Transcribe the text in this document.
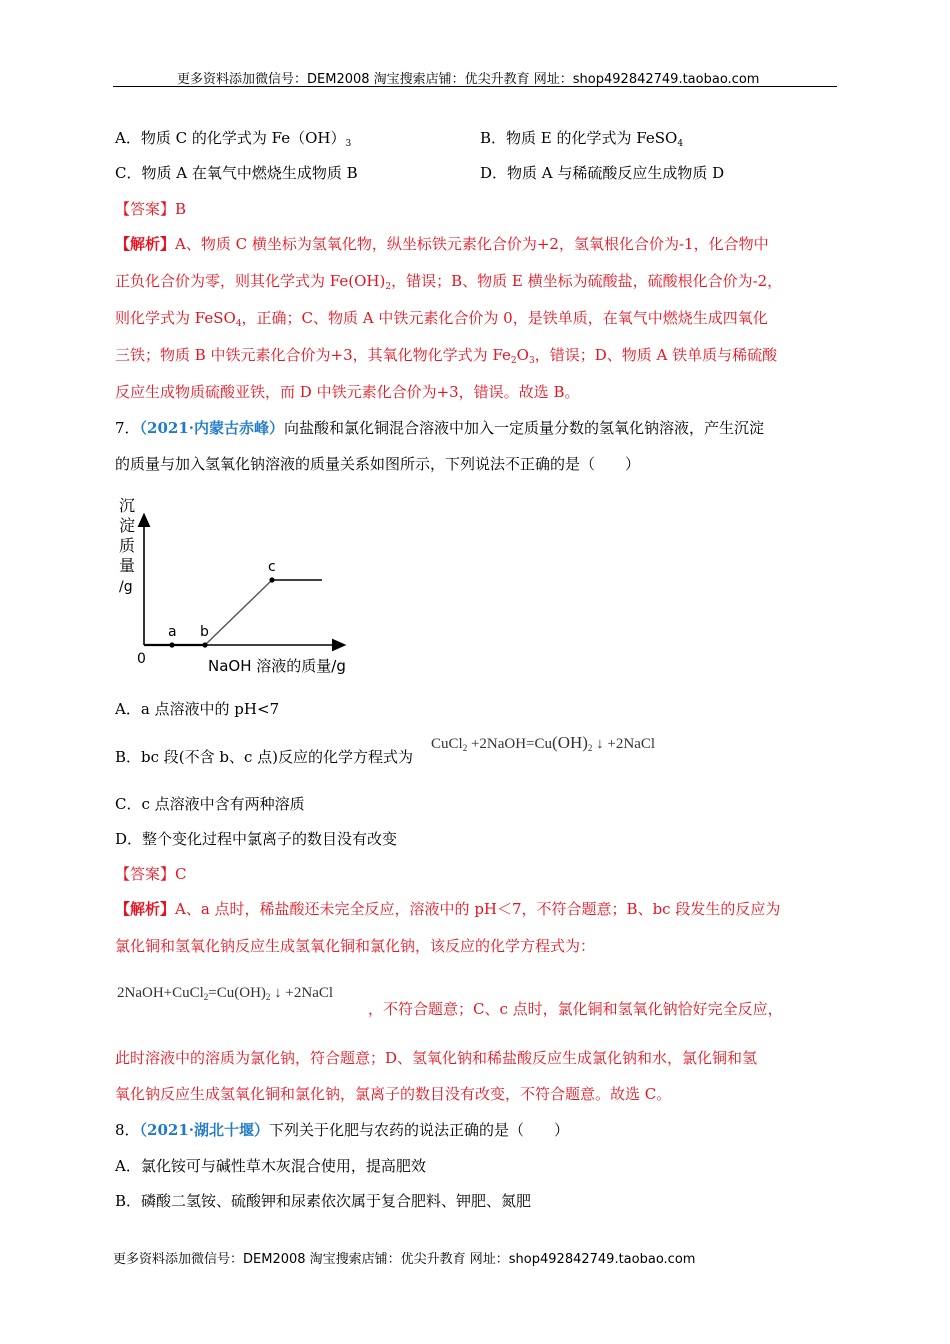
更多资料添加微信号：DEM2008 淘宝搜索店铺：优尖升教育 网址：shop492842749.taobao.com
A．物质 C 的化学式为 $Fe(OH)_3$	B．物质 E 的化学式为 FeSO$_4$
C．物质 A 在氧气中燃烧生成物质 B	D．物质 A 与稀硫酸反应生成物质 D
【答案】B
【解析】A、物质 C 横坐标为氢氧化物，纵坐标铁元素化合价为+2，氢氧根化合价为-1，化合物中
正负化合价为零，则其化学式为 $Fe(OH)_2$，错误；B、物质 E 横坐标为硫酸盐，硫酸根化合价为-2，
则化学式为 FeSO$_4$，正确；C、物质 A 中铁元素化合价为 0，是铁单质，在氧气中燃烧生成四氧化
三铁；物质 B 中铁元素化合价为+3，其氧化物化学式为 $Fe_2O_3$，错误；D、物质 A 铁单质与稀硫酸
反应生成物质硫酸亚铁，而 D 中铁元素化合价为+3，错误。故选 B。
7．（2021·内蒙古赤峰）向盐酸和氯化铜混合溶液中加入一定质量分数的氢氧化钠溶液，产生沉淀
的质量与加入氢氧化钠溶液的质量关系如图所示，下列说法不正确的是（　　）
沉
淀
质
量
/g
a b
c
0	NaOH 溶液的质量/g
A．a 点溶液中的 pH<7
B．bc 段(不含 b、c 点)反应的化学方程式为
CuCl$_2$ $+2NaOH=Cu(OH)_2$ ↓ +2NaCl
C．c 点溶液中含有两种溶质
D．整个变化过程中氯离子的数目没有改变
【答案】C
【解析】A、a 点时，稀盐酸还未完全反应，溶液中的 pH＜7，不符合题意；B、bc 段发生的反应为
氯化铜和氢氧化钠反应生成氢氧化铜和氯化钠，该反应的化学方程式为：
$2NaOH+CuCl_2=Cu(OH)_2$ ↓ +2NaCl
，不符合题意；C、c 点时，氯化铜和氢氧化钠恰好完全反应，
此时溶液中的溶质为氯化钠，符合题意；D、氢氧化钠和稀盐酸反应生成氯化钠和水，氯化铜和氢
氧化钠反应生成氢氧化铜和氯化钠，氯离子的数目没有改变，不符合题意。故选 C。
8．（2021·湖北十堰）下列关于化肥与农药的说法正确的是（　　）
A．氯化铵可与碱性草木灰混合使用，提高肥效
B．磷酸二氢铵、硫酸钾和尿素依次属于复合肥料、钾肥、氮肥
更多资料添加微信号：DEM2008 淘宝搜索店铺：优尖升教育 网址：shop492842749.taobao.com
